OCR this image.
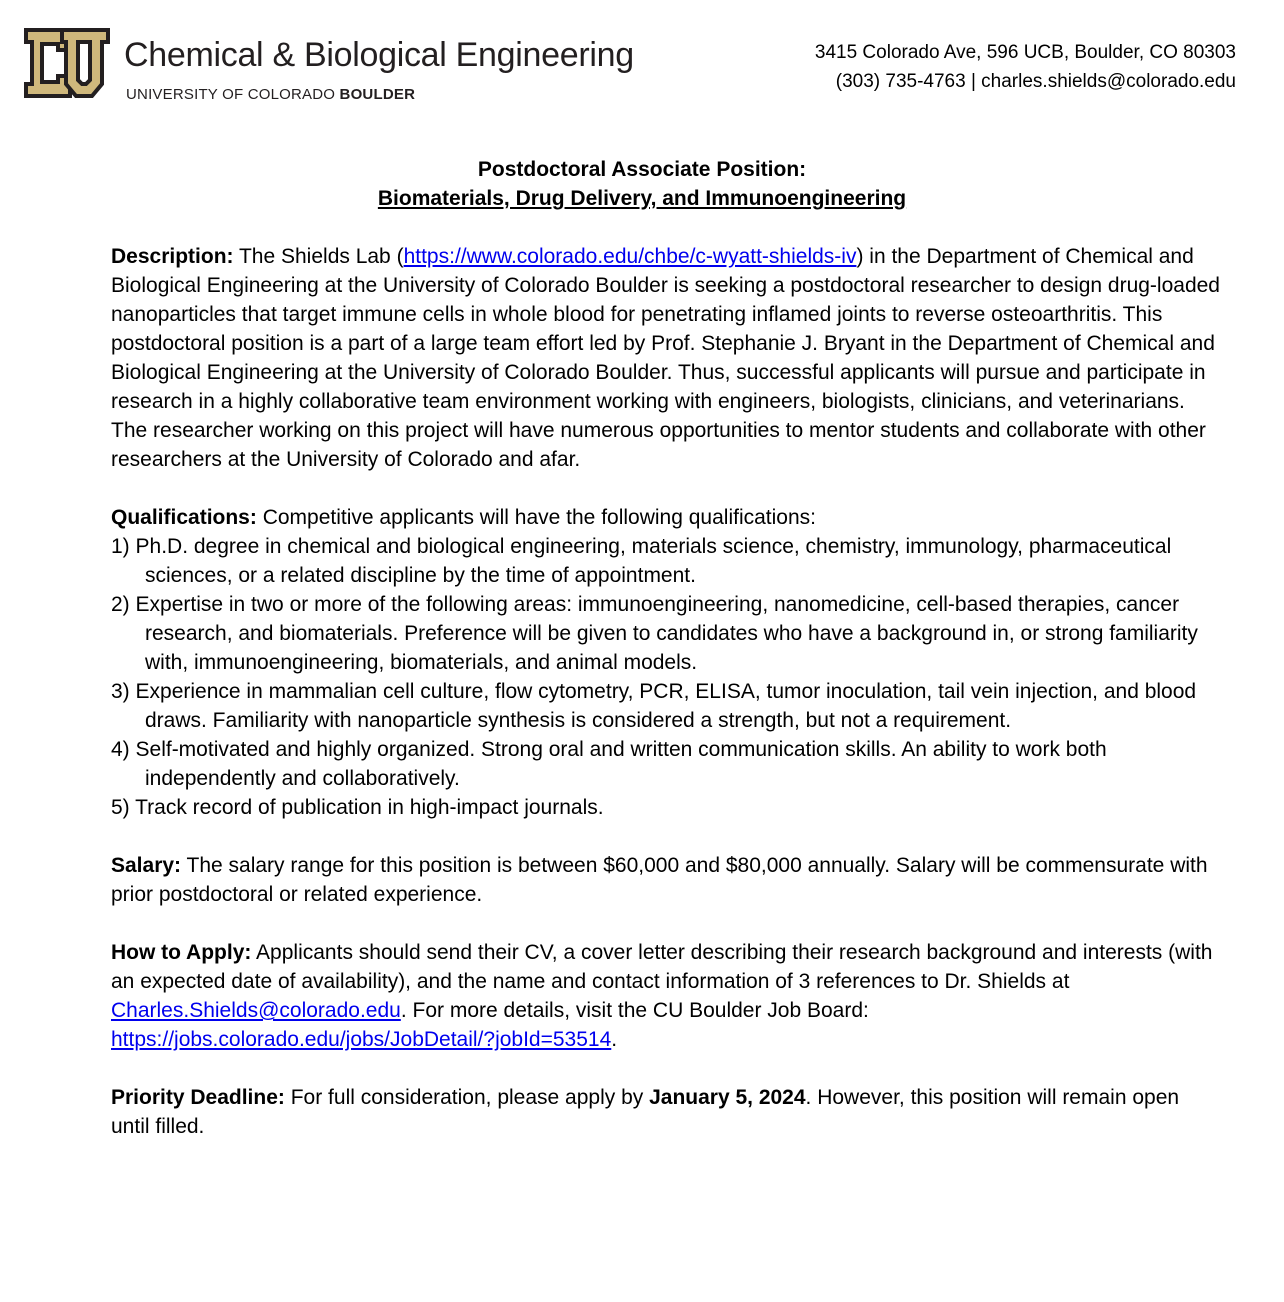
Chemical & Biological Engineering
UNIVERSITY OF COLORADO BOULDER
3415 Colorado Ave, 596 UCB, Boulder, CO 80303
(303) 735-4763 | charles.shields@colorado.edu
Postdoctoral Associate Position:
Biomaterials, Drug Delivery, and Immunoengineering

Description: The Shields Lab (https://www.colorado.edu/chbe/c-wyatt-shields-iv) in the Department of Chemical and Biological Engineering at the University of Colorado Boulder is seeking a postdoctoral researcher to design drug-loaded nanoparticles that target immune cells in whole blood for penetrating inflamed joints to reverse osteoarthritis. This postdoctoral position is a part of a large team effort led by Prof. Stephanie J. Bryant in the Department of Chemical and Biological Engineering at the University of Colorado Boulder. Thus, successful applicants will pursue and participate in research in a highly collaborative team environment working with engineers, biologists, clinicians, and veterinarians. The researcher working on this project will have numerous opportunities to mentor students and collaborate with other researchers at the University of Colorado and afar.

Qualifications: Competitive applicants will have the following qualifications:
1) Ph.D. degree in chemical and biological engineering, materials science, chemistry, immunology, pharmaceutical sciences, or a related discipline by the time of appointment.
2) Expertise in two or more of the following areas: immunoengineering, nanomedicine, cell-based therapies, cancer research, and biomaterials. Preference will be given to candidates who have a background in, or strong familiarity with, immunoengineering, biomaterials, and animal models.
3) Experience in mammalian cell culture, flow cytometry, PCR, ELISA, tumor inoculation, tail vein injection, and blood draws. Familiarity with nanoparticle synthesis is considered a strength, but not a requirement.
4) Self-motivated and highly organized. Strong oral and written communication skills. An ability to work both independently and collaboratively.
5) Track record of publication in high-impact journals.

Salary: The salary range for this position is between $60,000 and $80,000 annually. Salary will be commensurate with prior postdoctoral or related experience.

How to Apply: Applicants should send their CV, a cover letter describing their research background and interests (with an expected date of availability), and the name and contact information of 3 references to Dr. Shields at Charles.Shields@colorado.edu. For more details, visit the CU Boulder Job Board: https://jobs.colorado.edu/jobs/JobDetail/?jobId=53514.

Priority Deadline: For full consideration, please apply by January 5, 2024. However, this position will remain open until filled.
